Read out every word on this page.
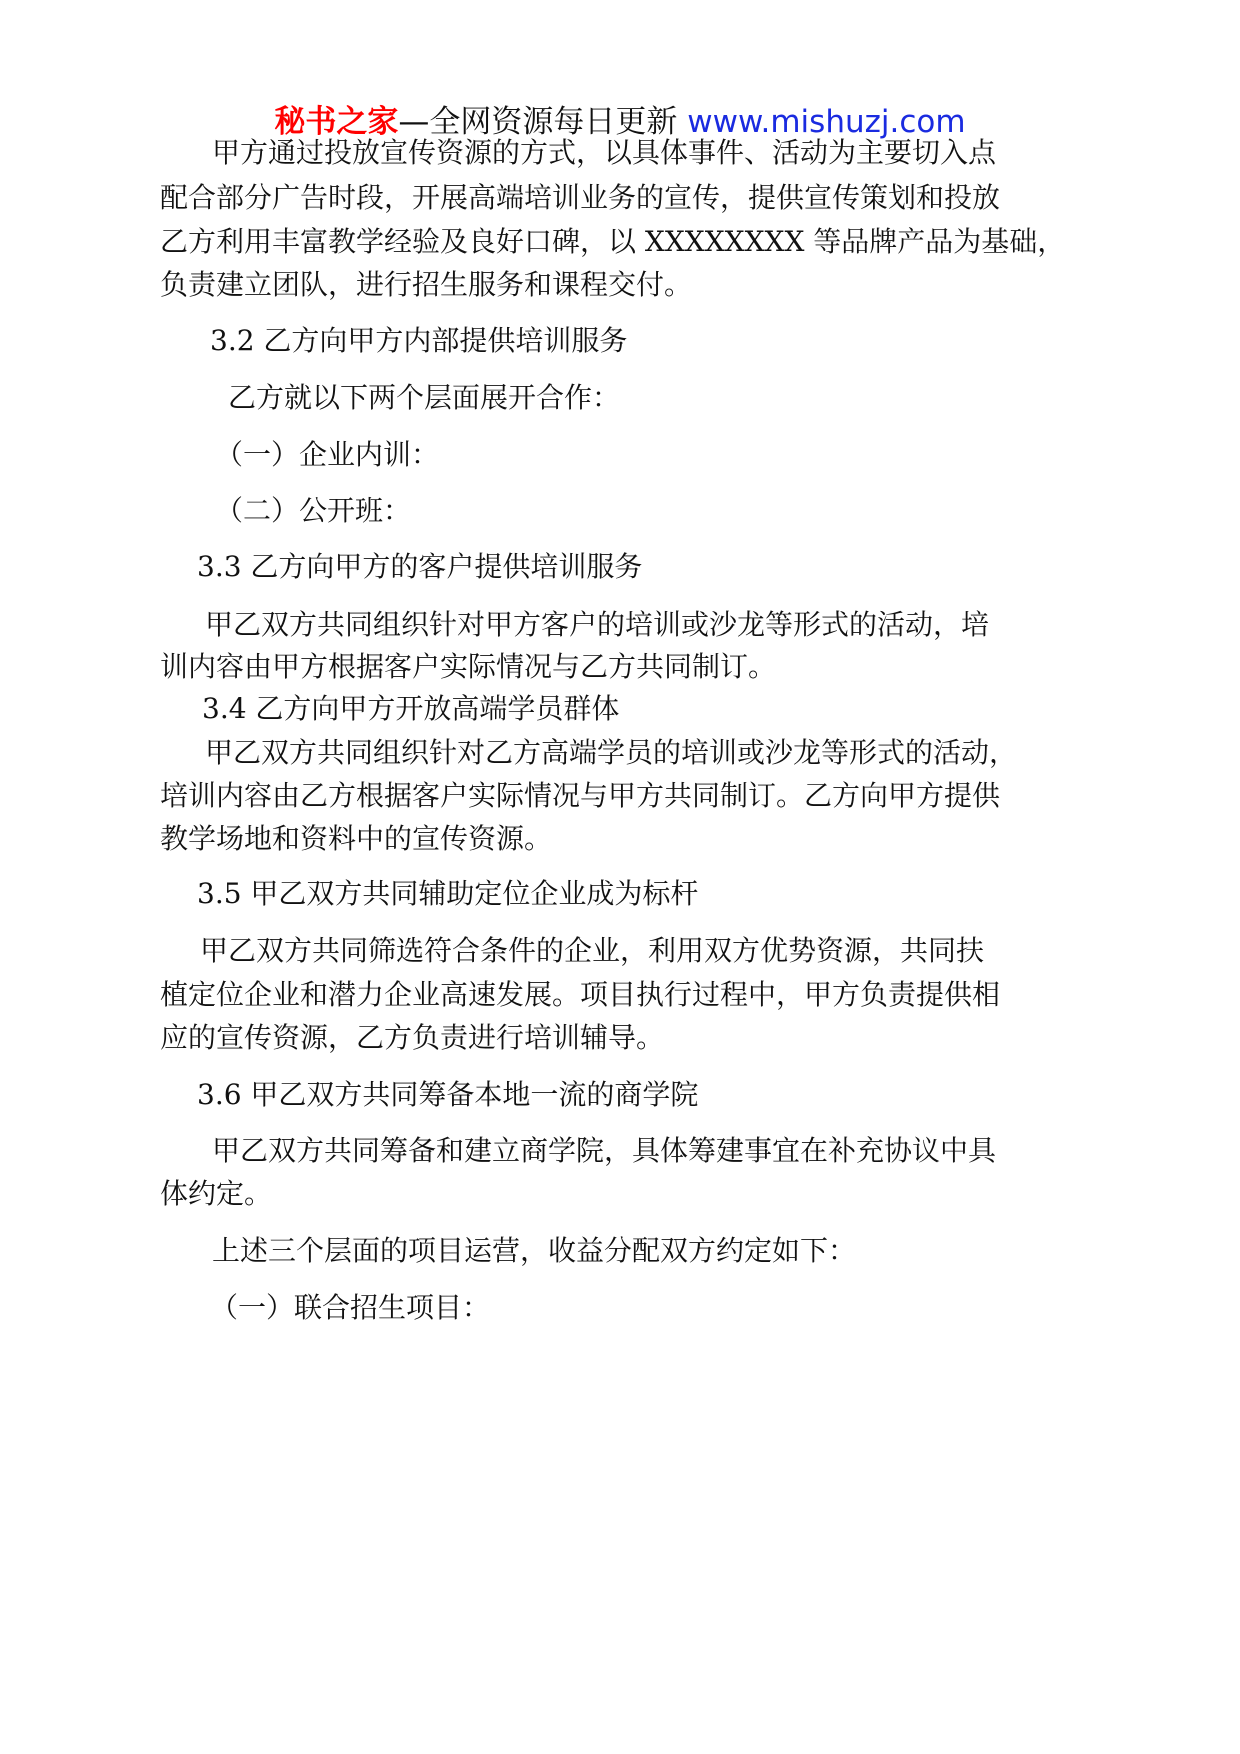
秘书之家—全网资源每日更新 www.mishuzj.com

甲方通过投放宣传资源的方式，以具体事件、活动为主要切入点

配合部分广告时段，开展高端培训业务的宣传，提供宣传策划和投放

乙方利用丰富教学经验及良好口碑，以 XXXXXXXX 等品牌产品为基础，

负责建立团队，进行招生服务和课程交付。

3.2 乙方向甲方内部提供培训服务

乙方就以下两个层面展开合作：

（一）企业内训：

（二）公开班：

3.3 乙方向甲方的客户提供培训服务

甲乙双方共同组织针对甲方客户的培训或沙龙等形式的活动，培

训内容由甲方根据客户实际情况与乙方共同制订。

3.4 乙方向甲方开放高端学员群体

甲乙双方共同组织针对乙方高端学员的培训或沙龙等形式的活动，

培训内容由乙方根据客户实际情况与甲方共同制订。乙方向甲方提供

教学场地和资料中的宣传资源。

3.5 甲乙双方共同辅助定位企业成为标杆

甲乙双方共同筛选符合条件的企业，利用双方优势资源，共同扶

植定位企业和潜力企业高速发展。项目执行过程中，甲方负责提供相

应的宣传资源，乙方负责进行培训辅导。

3.6 甲乙双方共同筹备本地一流的商学院

甲乙双方共同筹备和建立商学院，具体筹建事宜在补充协议中具

体约定。

上述三个层面的项目运营，收益分配双方约定如下：

（一）联合招生项目：
